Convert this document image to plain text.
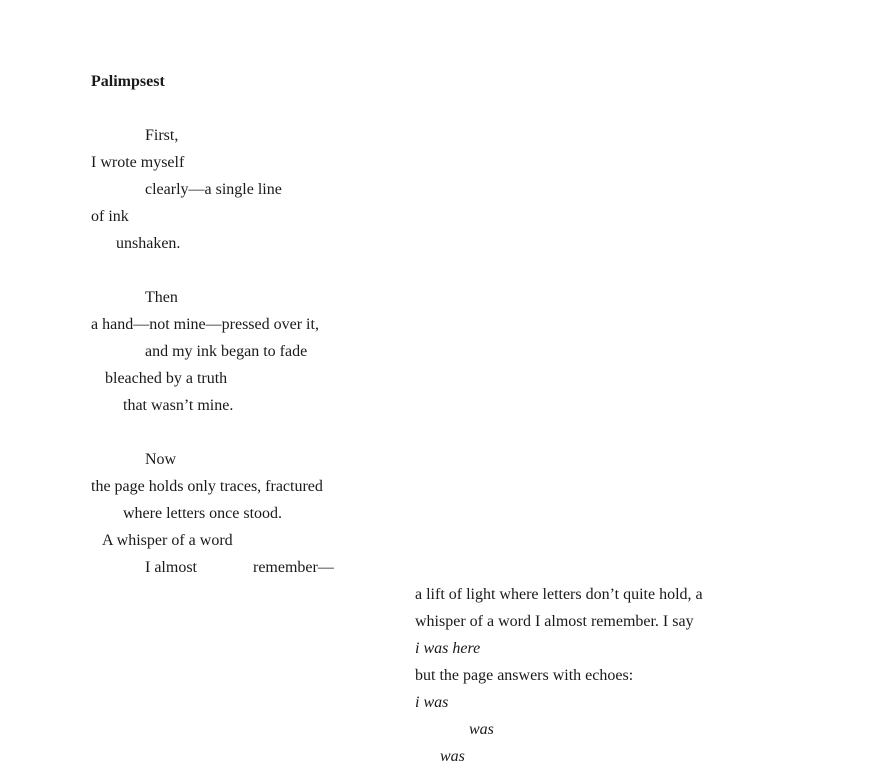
Palimpsest
First,
I wrote myself
clearly—a single line
of ink
unshaken.
Then
a hand—not mine—pressed over it,
and my ink began to fade
bleached by a truth
that wasn’t mine.
Now
the page holds only traces, fractured
where letters once stood.
A whisper of a word
I almost	remember—
a lift of light where letters don’t quite hold, a
whisper of a word I almost remember. I say
i was here
but the page answers with echoes:
i was
was
was
